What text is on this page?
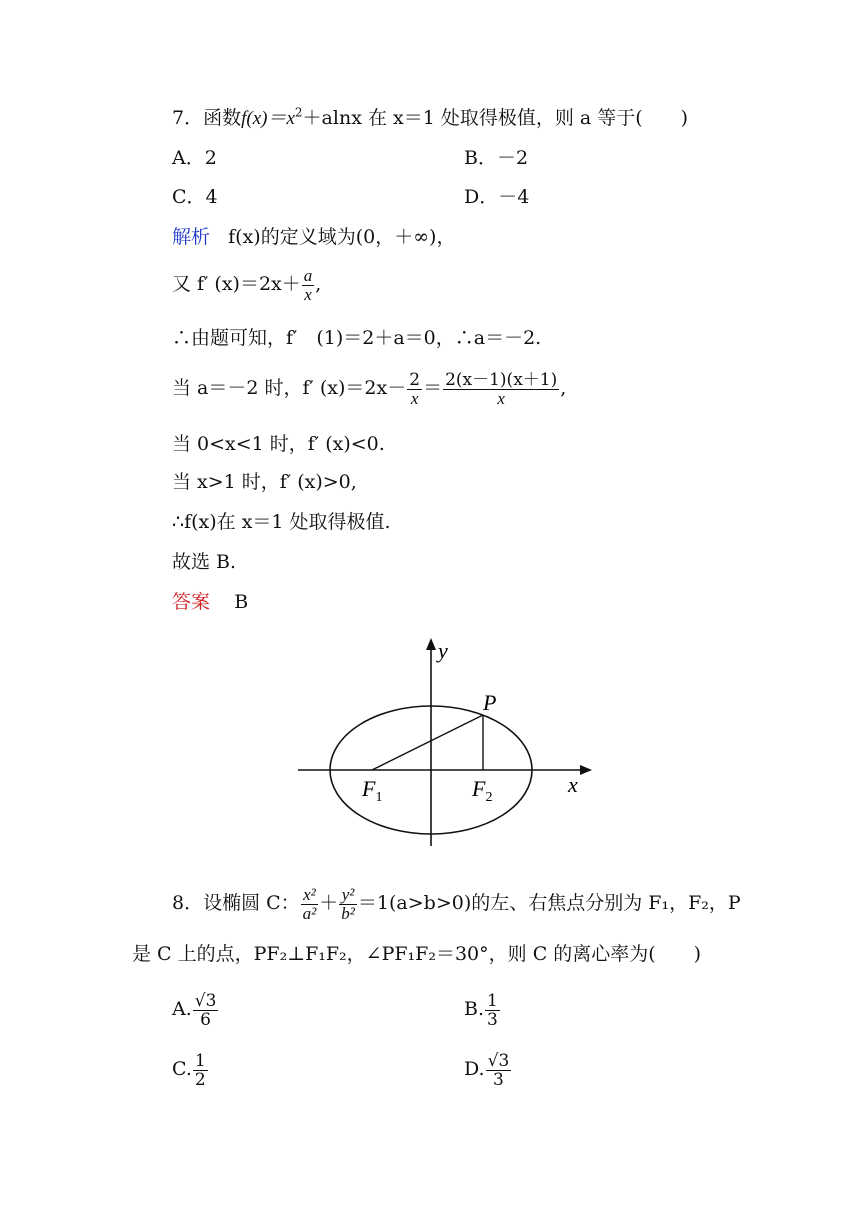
7．函数$f(x)=x^2+alnx$ 在 x＝1 处取得极值，则 a 等于(　　)
A．2	B．－2
C．4	D．－4
解析 f(x)的定义域为(0，＋∞)，
又 f′ $(x)=2x+ \frac{a}{x}$ ,
∴由题可知，f′　(1)＝2＋a＝0，∴a＝－2.
当 a＝－2 时，f′ $(x)=2x- \frac{2}{x} = \frac{2(x-1)(x+1)}{x}$ ,
当 0<x<1 时，f′ (x)<0.
当 x>1 时，f′ (x)>0,
∴f(x)在 x＝1 处取得极值.
故选 B.
答案 B
y
x
P
$F_1$	$F_2$
8．设椭圆 C： $\frac{\text{x²}}{\text{a²}} + \frac{\text{y²}}{\text{b²}} =1(a>b>0)$的左、右焦点分别为 F₁，F₂，P
是 C 上的点，PF₂⊥F₁F₂，∠PF₁F₂＝30°，则 C 的离心率为(　　)
A. $\frac{√3}{6}$	B. $\frac{1}{3}$
C. $\frac{1}{2}$	D. $\frac{√3}{3}$
